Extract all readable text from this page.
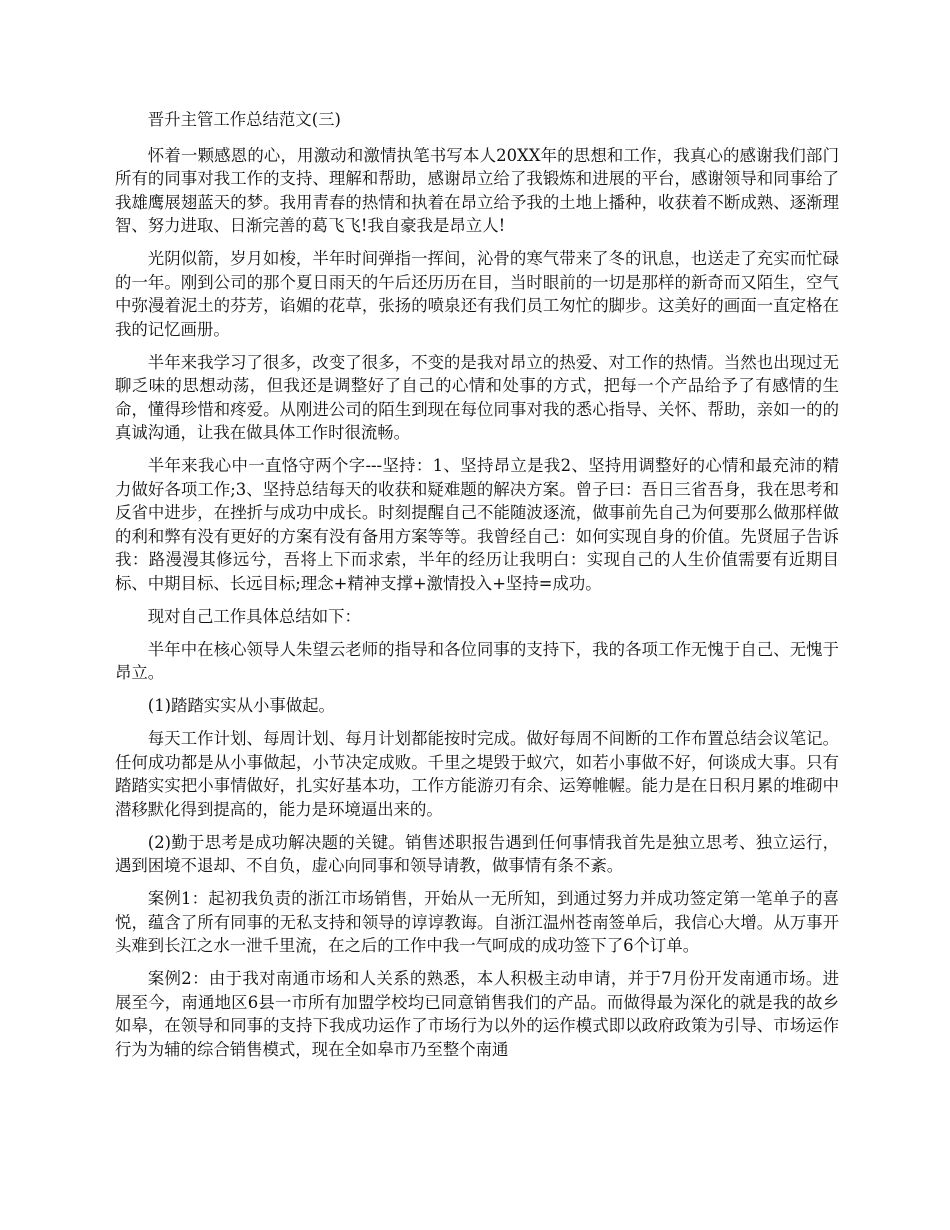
晋升主管工作总结范文(三)

怀着一颗感恩的心，用激动和激情执笔书写本人20XX年的思想和工作，我真心的感谢我们部门所有的同事对我工作的支持、理解和帮助，感谢昂立给了我锻炼和进展的平台，感谢领导和同事给了我雄鹰展翅蓝天的梦。我用青春的热情和执着在昂立给予我的土地上播种，收获着不断成熟、逐渐理智、努力进取、日渐完善的葛飞飞!我自豪我是昂立人!

光阴似箭，岁月如梭，半年时间弹指一挥间，沁骨的寒气带来了冬的讯息，也送走了充实而忙碌的一年。刚到公司的那个夏日雨天的午后还历历在目，当时眼前的一切是那样的新奇而又陌生，空气中弥漫着泥土的芬芳，谄媚的花草，张扬的喷泉还有我们员工匆忙的脚步。这美好的画面一直定格在我的记忆画册。

半年来我学习了很多，改变了很多，不变的是我对昂立的热爱、对工作的热情。当然也出现过无聊乏味的思想动荡，但我还是调整好了自己的心情和处事的方式，把每一个产品给予了有感情的生命，懂得珍惜和疼爱。从刚进公司的陌生到现在每位同事对我的悉心指导、关怀、帮助，亲如一的的真诚沟通，让我在做具体工作时很流畅。

半年来我心中一直恪守两个字---坚持：1、坚持昂立是我2、坚持用调整好的心情和最充沛的精力做好各项工作;3、坚持总结每天的收获和疑难题的解决方案。曾子曰：吾日三省吾身，我在思考和反省中进步，在挫折与成功中成长。时刻提醒自己不能随波逐流，做事前先自己为何要那么做那样做的利和弊有没有更好的方案有没有备用方案等等。我曾经自己：如何实现自身的价值。先贤屈子告诉我：路漫漫其修远兮，吾将上下而求索，半年的经历让我明白：实现自己的人生价值需要有近期目标、中期目标、长远目标;理念+精神支撑+激情投入+坚持=成功。

现对自己工作具体总结如下：

半年中在核心领导人朱望云老师的指导和各位同事的支持下，我的各项工作无愧于自己、无愧于昂立。

(1)踏踏实实从小事做起。

每天工作计划、每周计划、每月计划都能按时完成。做好每周不间断的工作布置总结会议笔记。任何成功都是从小事做起，小节决定成败。千里之堤毁于蚁穴，如若小事做不好，何谈成大事。只有踏踏实实把小事情做好，扎实好基本功，工作方能游刃有余、运筹帷幄。能力是在日积月累的堆砌中潜移默化得到提高的，能力是环境逼出来的。

(2)勤于思考是成功解决题的关键。销售述职报告遇到任何事情我首先是独立思考、独立运行，遇到困境不退却、不自负，虚心向同事和领导请教，做事情有条不紊。

案例1：起初我负责的浙江市场销售，开始从一无所知，到通过努力并成功签定第一笔单子的喜悦，蕴含了所有同事的无私支持和领导的谆谆教诲。自浙江温州苍南签单后，我信心大增。从万事开头难到长江之水一泄千里流，在之后的工作中我一气呵成的成功签下了6个订单。

案例2：由于我对南通市场和人关系的熟悉，本人积极主动申请，并于7月份开发南通市场。进展至今，南通地区6县一市所有加盟学校均已同意销售我们的产品。而做得最为深化的就是我的故乡如皋，在领导和同事的支持下我成功运作了市场行为以外的运作模式即以政府政策为引导、市场运作行为为辅的综合销售模式，现在全如皋市乃至整个南通
